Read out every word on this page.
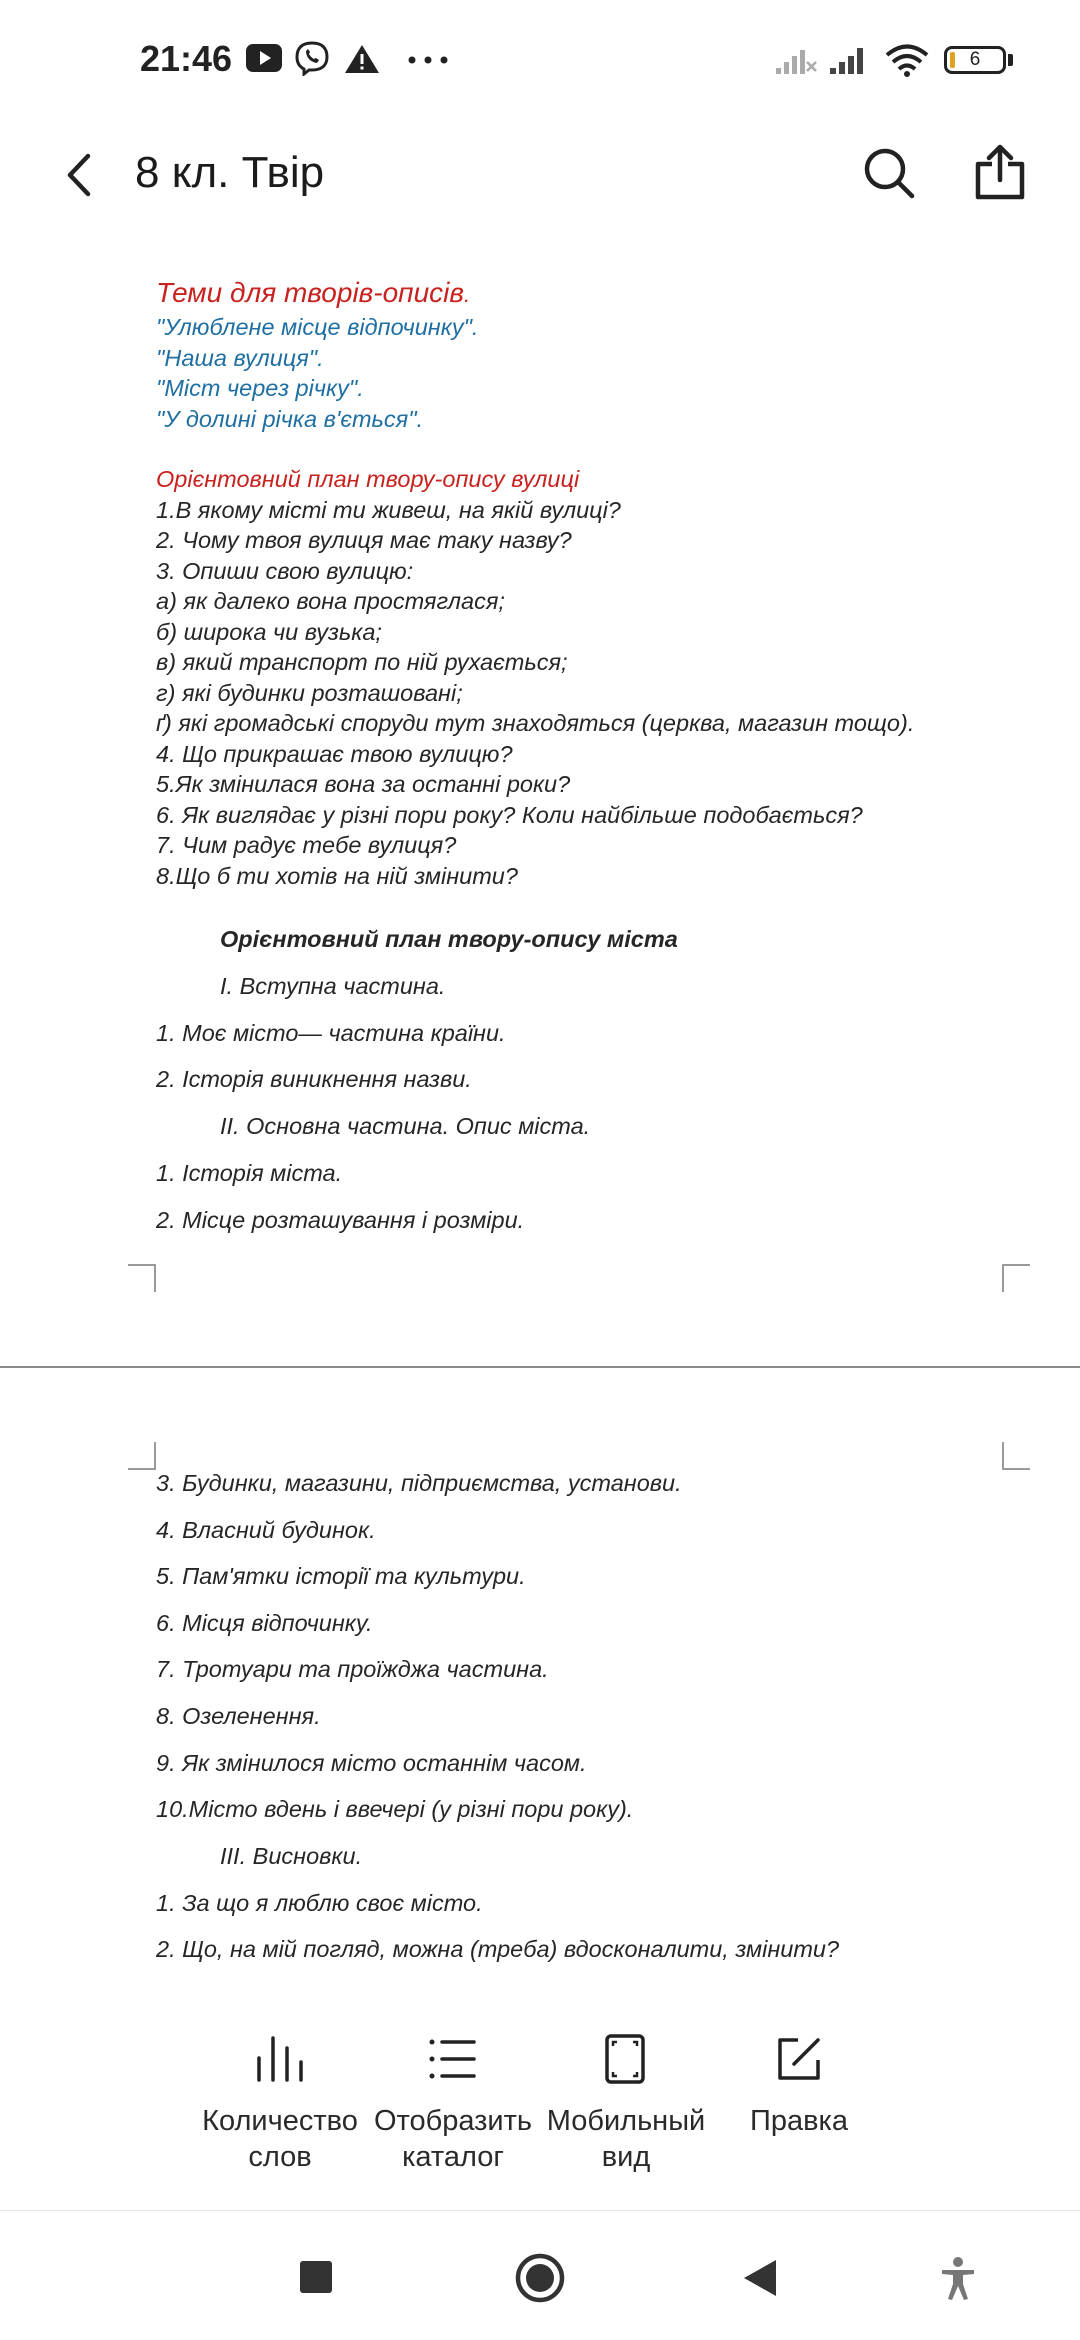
21:46	6
8 кл. Твір
Теми для творів-описів.
"Улюблене місце відпочинку".
"Наша вулиця".
"Міст через річку".
"У долині річка в'ється".
Орієнтовний план твору-опису вулиці
1.В якому місті ти живеш, на якій вулиці?
2. Чому твоя вулиця має таку назву?
3. Опиши свою вулицю:
а) як далеко вона простяглася;
б) широка чи вузька;
в) який транспорт по ній рухається;
г) які будинки розташовані;
ґ) які громадські споруди тут знаходяться (церква, магазин тощо).
4. Що прикрашає твою вулицю?
5.Як змінилася вона за останні роки?
6. Як виглядає у різні пори року? Коли найбільше подобається?
7. Чим радує тебе вулиця?
8.Що б ти хотів на ній змінити?
Орієнтовний план твору-опису міста
І. Вступна частина.
1. Моє місто— частина країни.
2. Історія виникнення назви.
ІІ. Основна частина. Опис міста.
1. Історія міста.
2. Місце розташування і розміри.
3. Будинки, магазини, підприємства, установи.
4. Власний будинок.
5. Пам'ятки історії та культури.
6. Місця відпочинку.
7. Тротуари та проїжджа частина.
8. Озеленення.
9. Як змінилося місто останнім часом.
10.Місто вдень і ввечері (у різні пори року).
ІІІ. Висновки.
1. За що я люблю своє місто.
2. Що, на мій погляд, можна (треба) вдосконалити, змінити?
Количество
слов
Отобразить
каталог
Мобильный
вид
Правка
